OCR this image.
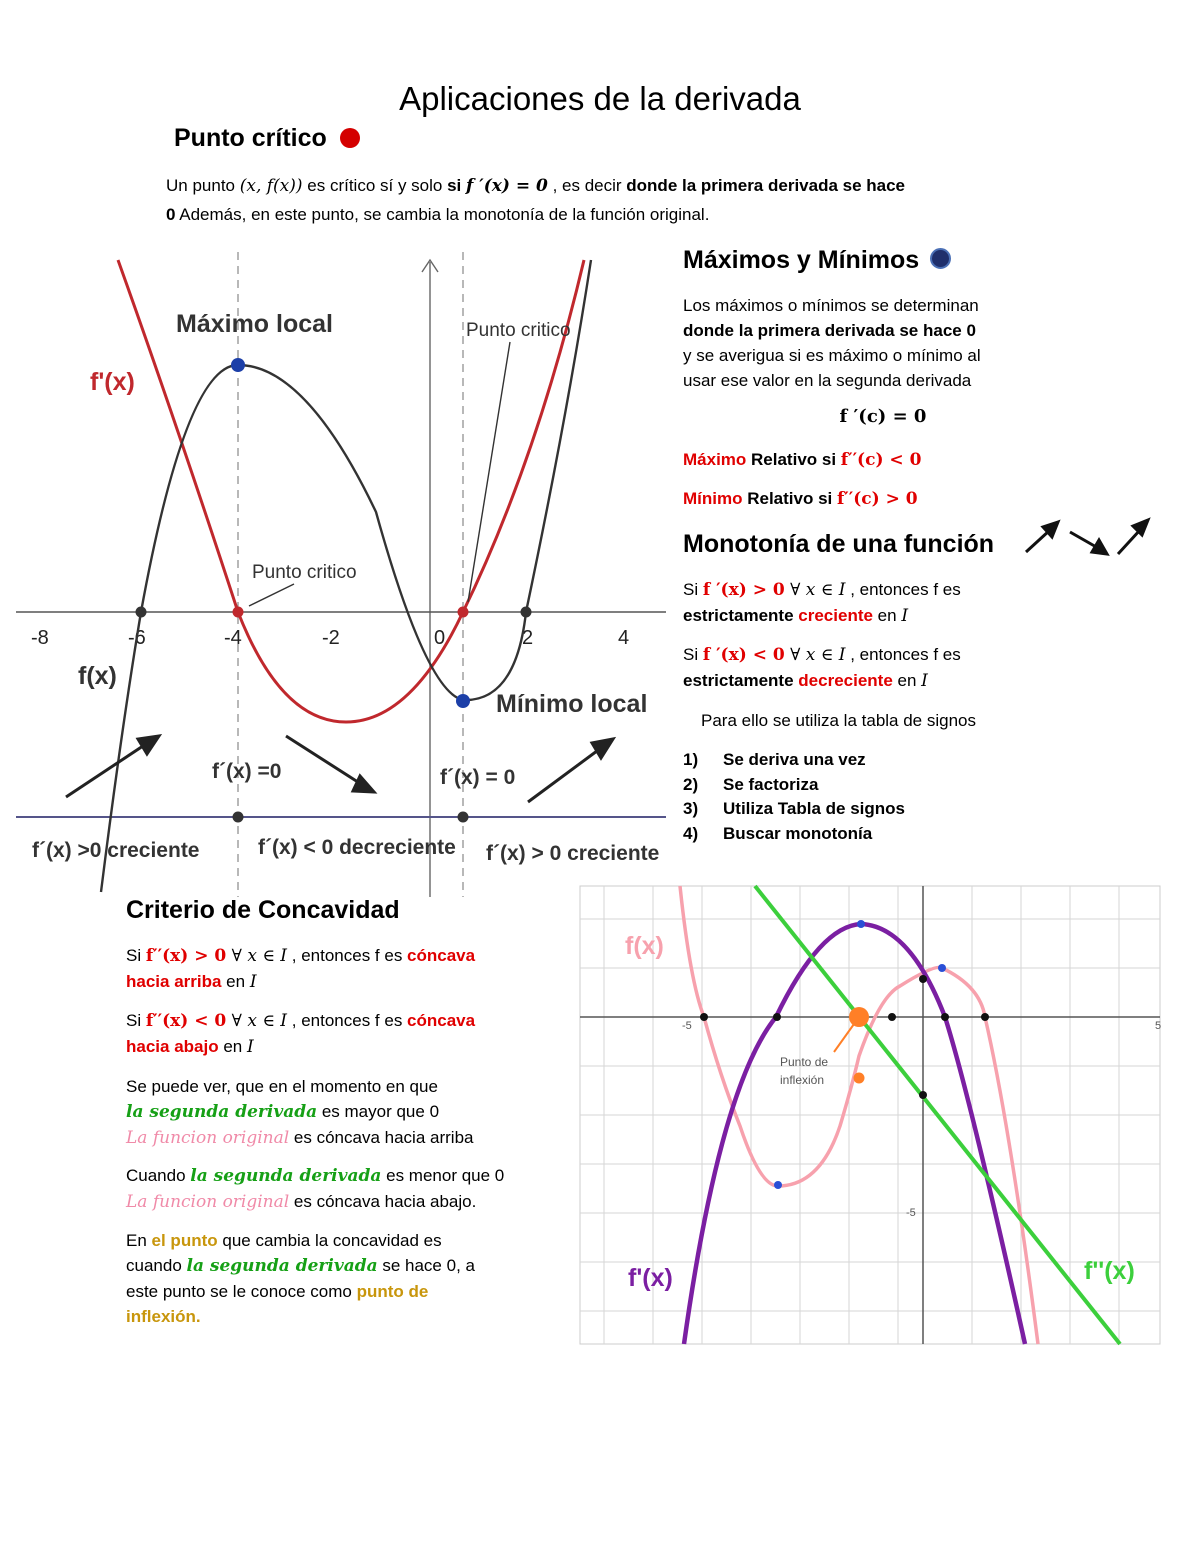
Aplicaciones de la derivada
Punto crítico
Un punto (x, f(x)) es crítico sí y solo si f ′(x) = 0 , es decir donde la primera derivada se hace
0 Además, en este punto, se cambia la monotonía de la función original.
-8	-6	-4	-2	0	2	4
Máximo local
Mínimo local
f'(x)
f(x)
Punto critico
Punto critico
f´(x) =0	f´(x) = 0
f´(x) >0 creciente	f´(x) < 0 decreciente f´(x) > 0 creciente
Máximos y Mínimos
Los máximos o mínimos se determinan
donde la primera derivada se hace 0
y se averigua si es máximo o mínimo al
usar ese valor en la segunda derivada
f ′(c) = 0
Máximo Relativo si f′′(c) < 0
Mínimo Relativo si f′′(c) > 0
Monotonía de una función
Si f ′(x) > 0 ∀ x ∈ I , entonces f es
estrictamente creciente en I
Si f ′(x) < 0 ∀ x ∈ I , entonces f es
estrictamente decreciente en I
Para ello se utiliza la tabla de signos
1) Se deriva una vez
2) Se factoriza
3) Utiliza Tabla de signos
4) Buscar monotonía
Criterio de Concavidad
Si f′′(x) > 0 ∀ x ∈ I , entonces f es cóncava
hacia arriba en I
Si f′′(x) < 0 ∀ x ∈ I , entonces f es cóncava
hacia abajo en I
Se puede ver, que en el momento en que
la segunda derivada es mayor que 0
La funcion original es cóncava hacia arriba
Cuando la segunda derivada es menor que 0
La funcion original es cóncava hacia abajo.
En el punto que cambia la concavidad es
cuando la segunda derivada se hace 0, a
este punto se le conoce como punto de
inflexión.
-5	5
-5
Punto de
inflexión
f(x)
f'(x)	f''(x)
